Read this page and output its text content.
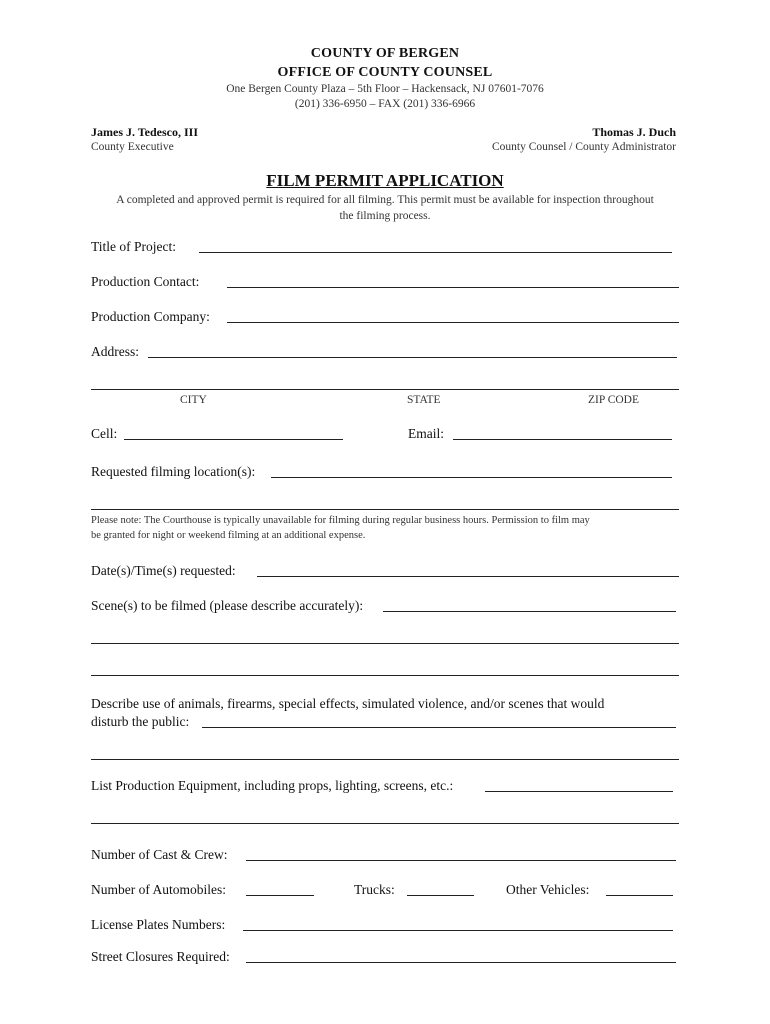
COUNTY OF BERGEN
OFFICE OF COUNTY COUNSEL
One Bergen County Plaza – 5th Floor – Hackensack, NJ 07601-7076
(201) 336-6950 – FAX (201) 336-6966
James J. Tedesco, III
County Executive
Thomas J. Duch
County Counsel / County Administrator
FILM PERMIT APPLICATION
A completed and approved permit is required for all filming. This permit must be available for inspection throughout
the filming process.
Title of Project:
Production Contact:
Production Company:
Address:
CITY	STATE	ZIP CODE
Cell:	Email:
Requested filming location(s):
Please note: The Courthouse is typically unavailable for filming during regular business hours. Permission to film may
be granted for night or weekend filming at an additional expense.
Date(s)/Time(s) requested:
Scene(s) to be filmed (please describe accurately):
Describe use of animals, firearms, special effects, simulated violence, and/or scenes that would
disturb the public:
List Production Equipment, including props, lighting, screens, etc.:
Number of Cast & Crew:
Number of Automobiles:	Trucks:	Other Vehicles:
License Plates Numbers:
Street Closures Required:
